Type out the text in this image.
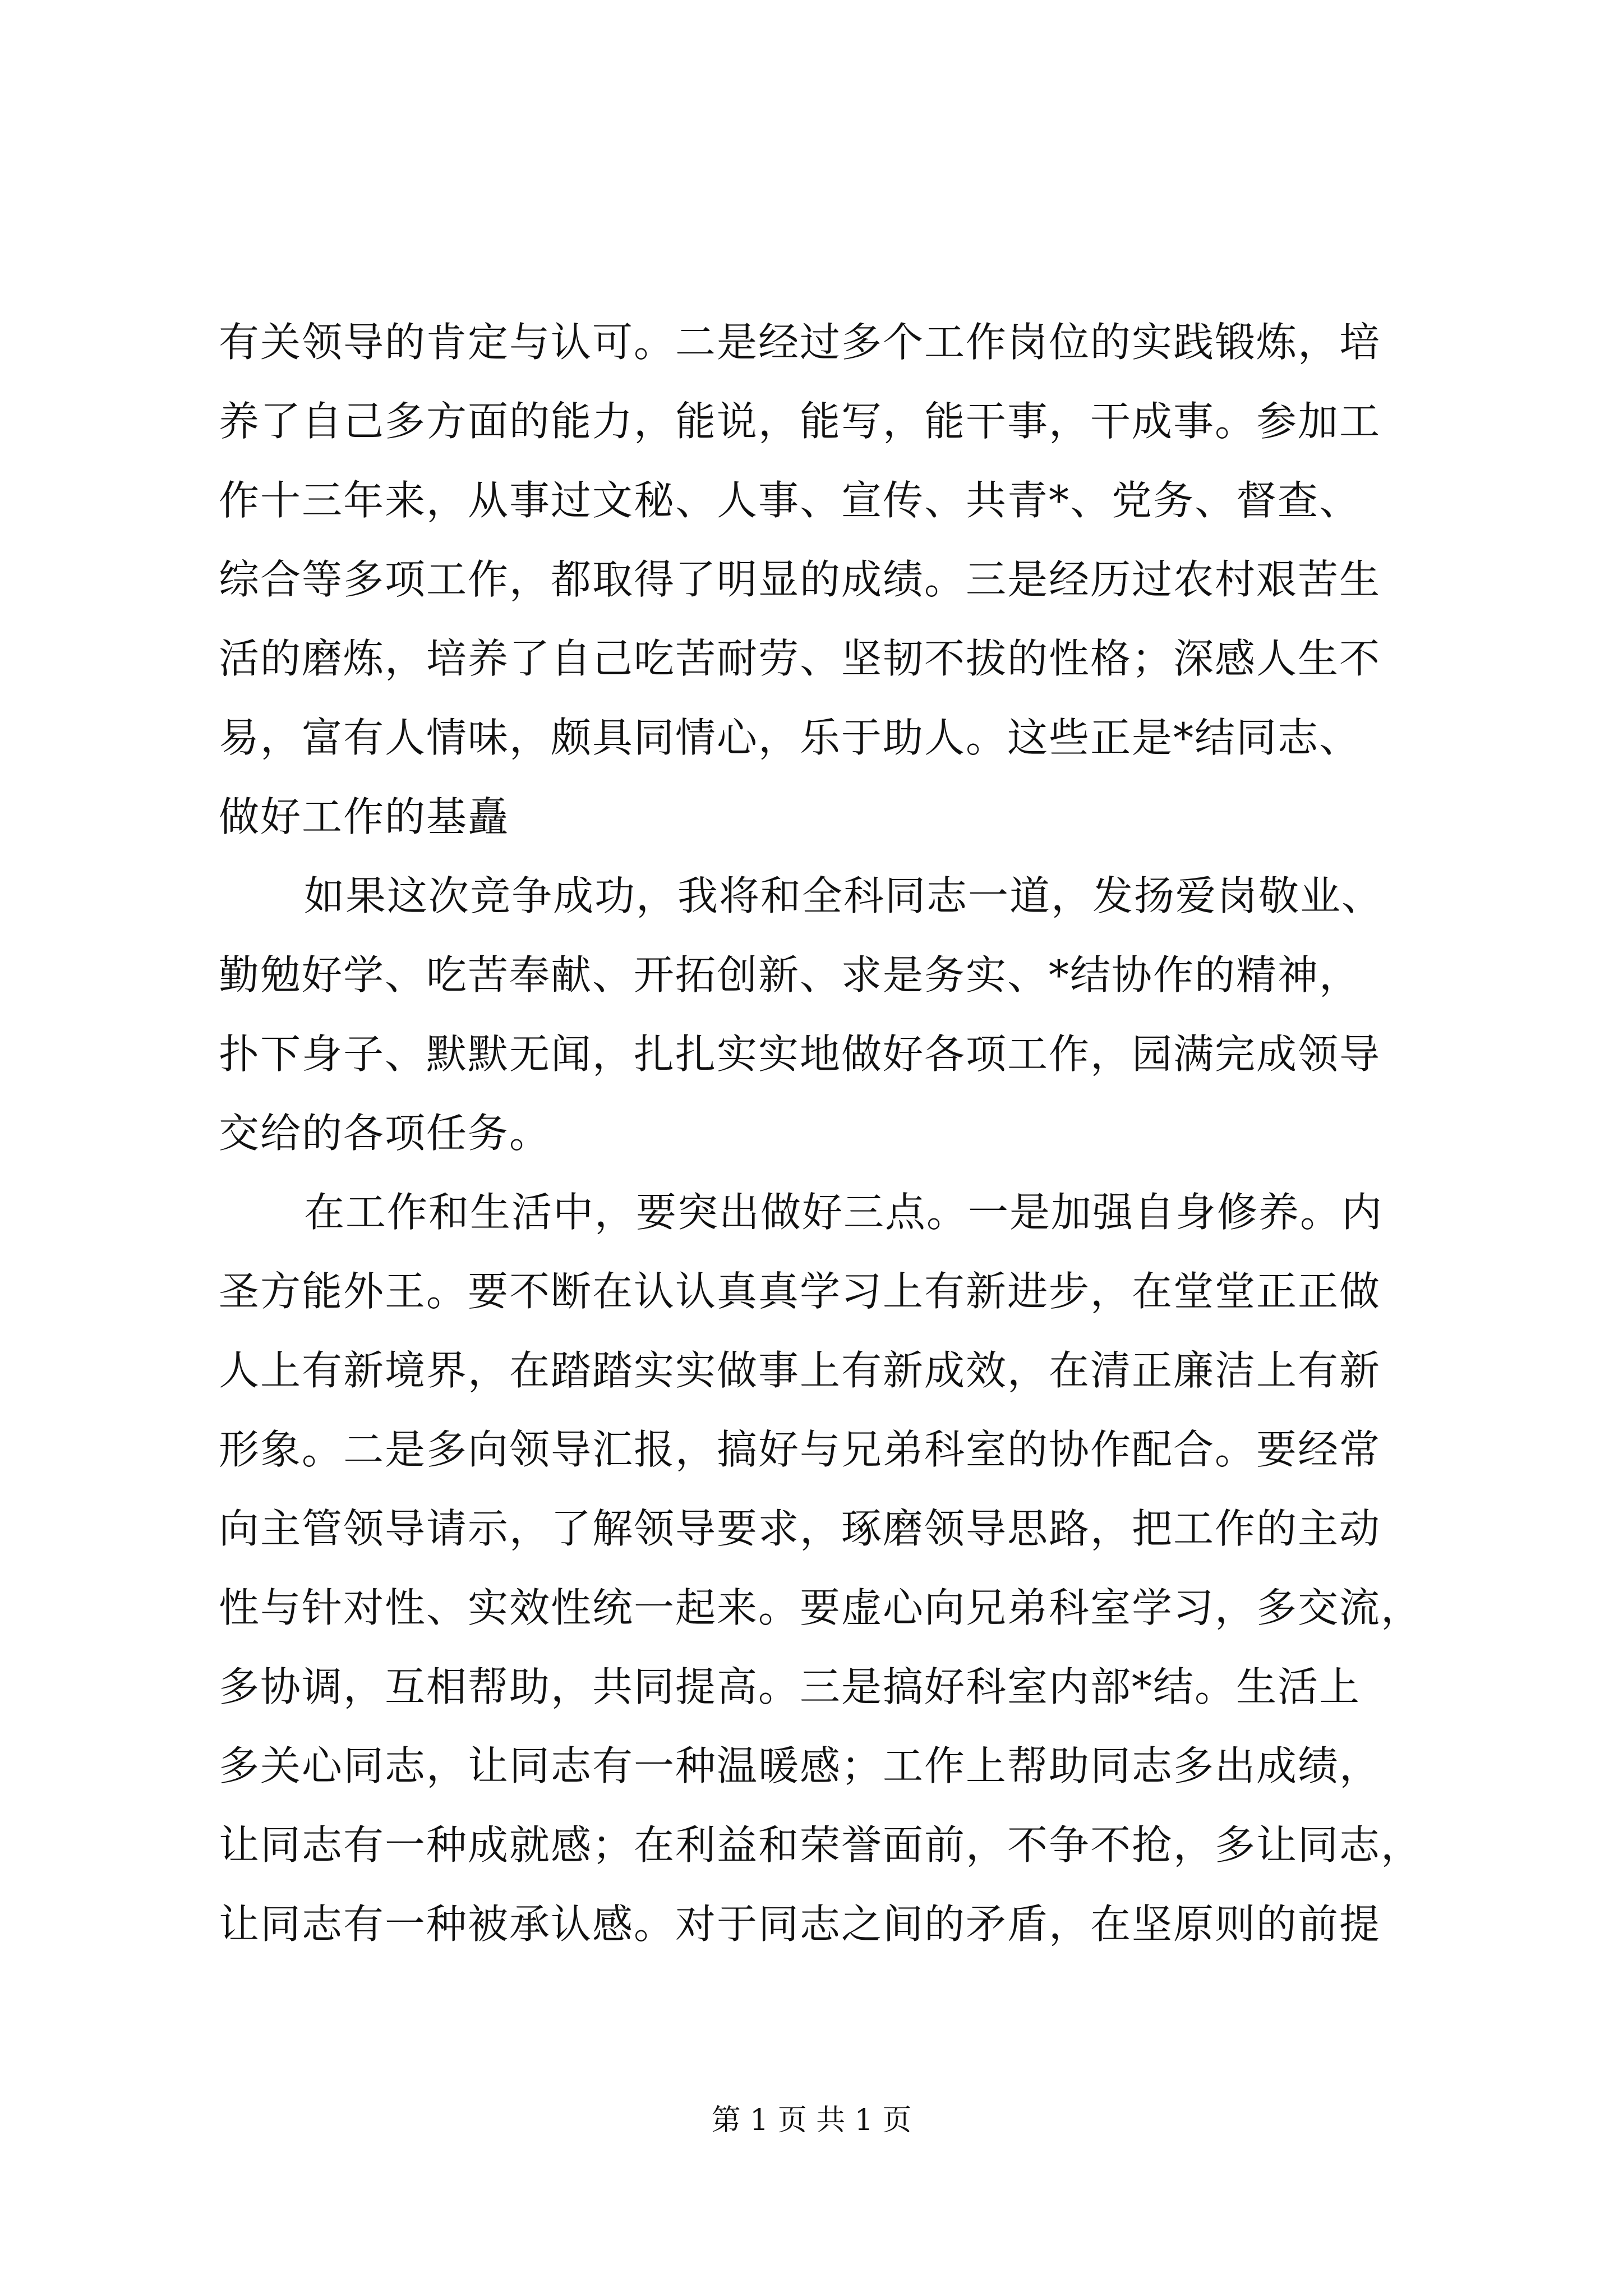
有关领导的肯定与认可。二是经过多个工作岗位的实践锻炼，培
养了自己多方面的能力，能说，能写，能干事，干成事。参加工
作十三年来，从事过文秘、人事、宣传、共青*、党务、督查、
综合等多项工作，都取得了明显的成绩。三是经历过农村艰苦生
活的磨炼，培养了自己吃苦耐劳、坚韧不拔的性格；深感人生不
易，富有人情味，颇具同情心，乐于助人。这些正是*结同志、
做好工作的基矗
如果这次竞争成功，我将和全科同志一道，发扬爱岗敬业、
勤勉好学、吃苦奉献、开拓创新、求是务实、*结协作的精神，
扑下身子、默默无闻，扎扎实实地做好各项工作，园满完成领导
交给的各项任务。
在工作和生活中，要突出做好三点。一是加强自身修养。内
圣方能外王。要不断在认认真真学习上有新进步，在堂堂正正做
人上有新境界，在踏踏实实做事上有新成效，在清正廉洁上有新
形象。二是多向领导汇报，搞好与兄弟科室的协作配合。要经常
向主管领导请示，了解领导要求，琢磨领导思路，把工作的主动
性与针对性、实效性统一起来。要虚心向兄弟科室学习，多交流，
多协调，互相帮助，共同提高。三是搞好科室内部*结。生活上
多关心同志，让同志有一种温暖感；工作上帮助同志多出成绩，
让同志有一种成就感；在利益和荣誉面前，不争不抢，多让同志，
让同志有一种被承认感。对于同志之间的矛盾，在坚原则的前提
第 1 页 共 1 页
